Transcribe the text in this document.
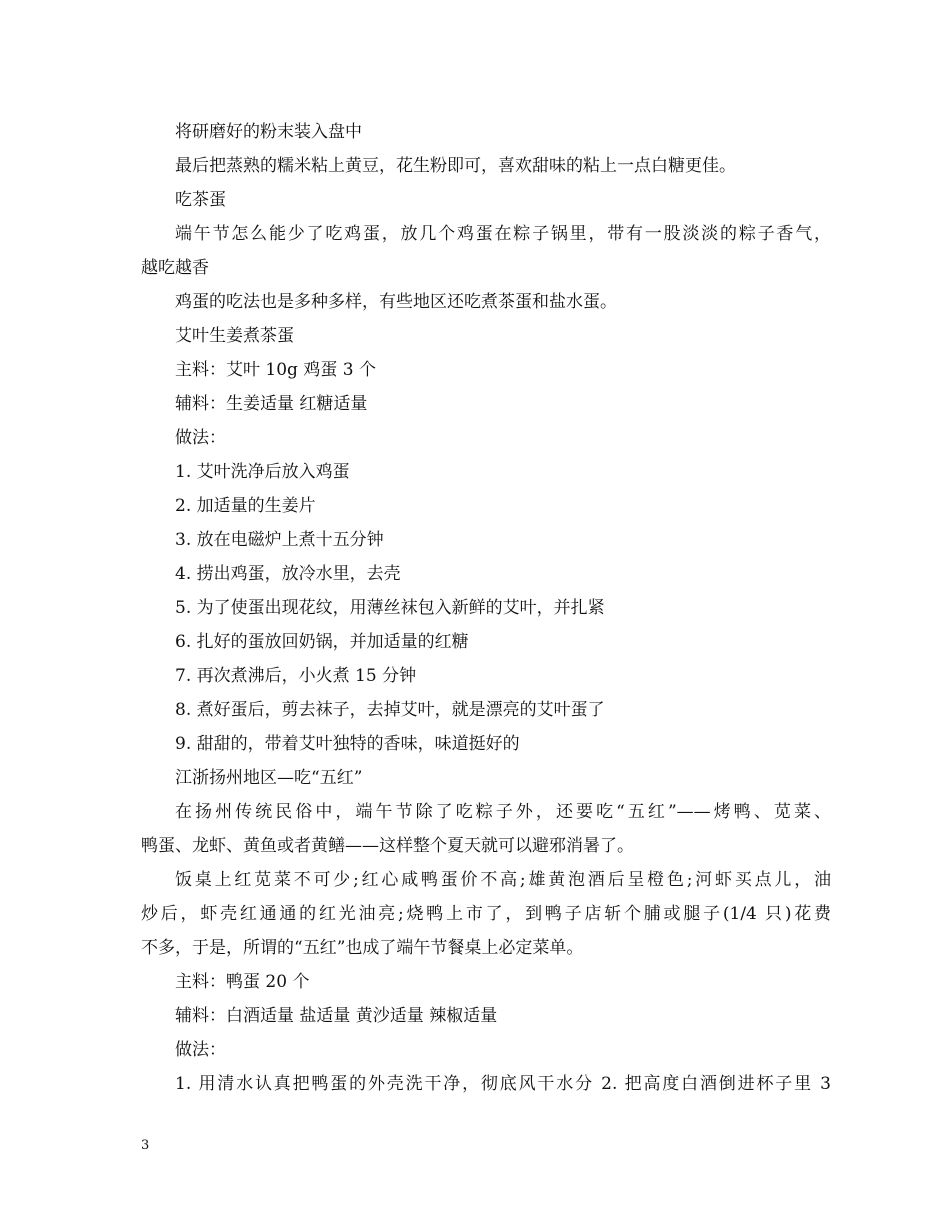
将研磨好的粉末装入盘中
最后把蒸熟的糯米粘上黄豆，花生粉即可，喜欢甜味的粘上一点白糖更佳。
吃茶蛋
端午节怎么能少了吃鸡蛋，放几个鸡蛋在粽子锅里，带有一股淡淡的粽子香气，
越吃越香
鸡蛋的吃法也是多种多样，有些地区还吃煮茶蛋和盐水蛋。
艾叶生姜煮茶蛋
主料：艾叶 10g 鸡蛋 3 个
辅料：生姜适量 红糖适量
做法：
1. 艾叶洗净后放入鸡蛋
2. 加适量的生姜片
3. 放在电磁炉上煮十五分钟
4. 捞出鸡蛋，放冷水里，去壳
5. 为了使蛋出现花纹，用薄丝袜包入新鲜的艾叶，并扎紧
6. 扎好的蛋放回奶锅，并加适量的红糖
7. 再次煮沸后，小火煮 15 分钟
8. 煮好蛋后，剪去袜子，去掉艾叶，就是漂亮的艾叶蛋了
9. 甜甜的，带着艾叶独特的香味，味道挺好的
江浙扬州地区—吃“五红”
在扬州传统民俗中，端午节除了吃粽子外，还要吃“五红”——烤鸭、苋菜、
鸭蛋、龙虾、黄鱼或者黄鳝——这样整个夏天就可以避邪消暑了。
饭桌上红苋菜不可少;红心咸鸭蛋价不高;雄黄泡酒后呈橙色;河虾买点儿，油
炒后，虾壳红通通的红光油亮;烧鸭上市了，到鸭子店斩个脯或腿子(1/4 只)花费
不多，于是，所谓的“五红”也成了端午节餐桌上必定菜单。
主料：鸭蛋 20 个
辅料：白酒适量 盐适量 黄沙适量 辣椒适量
做法：
1. 用清水认真把鸭蛋的外壳洗干净，彻底风干水分 2. 把高度白酒倒进杯子里 3
3
